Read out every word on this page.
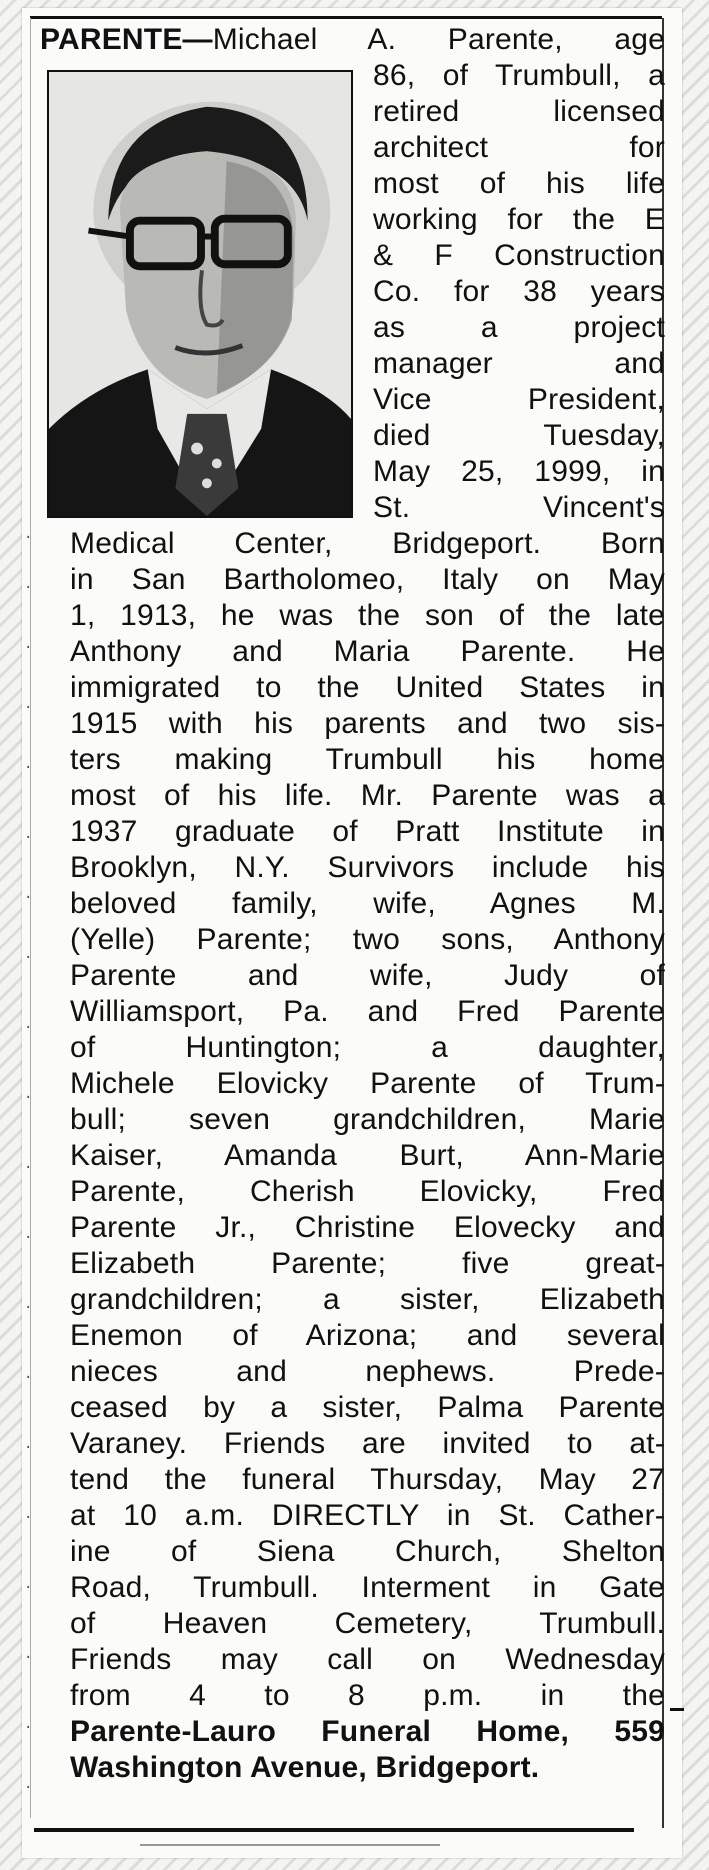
·
·
·
·
·
·
·
·
·
·
·
·
·
·
·
·
·
·
·
·
PARENTE—Michael A. Parente, age
86, of Trumbull, a
retired licensed
architect for
most of his life
working for the E
& F Construction
Co. for 38 years
as a project
manager and
Vice President,
died Tuesday,
May 25, 1999, in
St. Vincent's
Medical Center, Bridgeport. Born
in San Bartholomeo, Italy on May
1, 1913, he was the son of the late
Anthony and Maria Parente. He
immigrated to the United States in
1915 with his parents and two sis-
ters making Trumbull his home
most of his life. Mr. Parente was a
1937 graduate of Pratt Institute in
Brooklyn, N.Y. Survivors include his
beloved family, wife, Agnes M.
(Yelle) Parente; two sons, Anthony
Parente and wife, Judy of
Williamsport, Pa. and Fred Parente
of Huntington; a daughter,
Michele Elovicky Parente of Trum-
bull; seven grandchildren, Marie
Kaiser, Amanda Burt, Ann-Marie
Parente, Cherish Elovicky, Fred
Parente Jr., Christine Elovecky and
Elizabeth Parente; five great-
grandchildren; a sister, Elizabeth
Enemon of Arizona; and several
nieces and nephews. Prede-
ceased by a sister, Palma Parente
Varaney. Friends are invited to at-
tend the funeral Thursday, May 27
at 10 a.m. DIRECTLY in St. Cather-
ine of Siena Church, Shelton
Road, Trumbull. Interment in Gate
of Heaven Cemetery, Trumbull.
Friends may call on Wednesday
from 4 to 8 p.m. in the
Parente-Lauro Funeral Home, 559
Washington Avenue, Bridgeport.
